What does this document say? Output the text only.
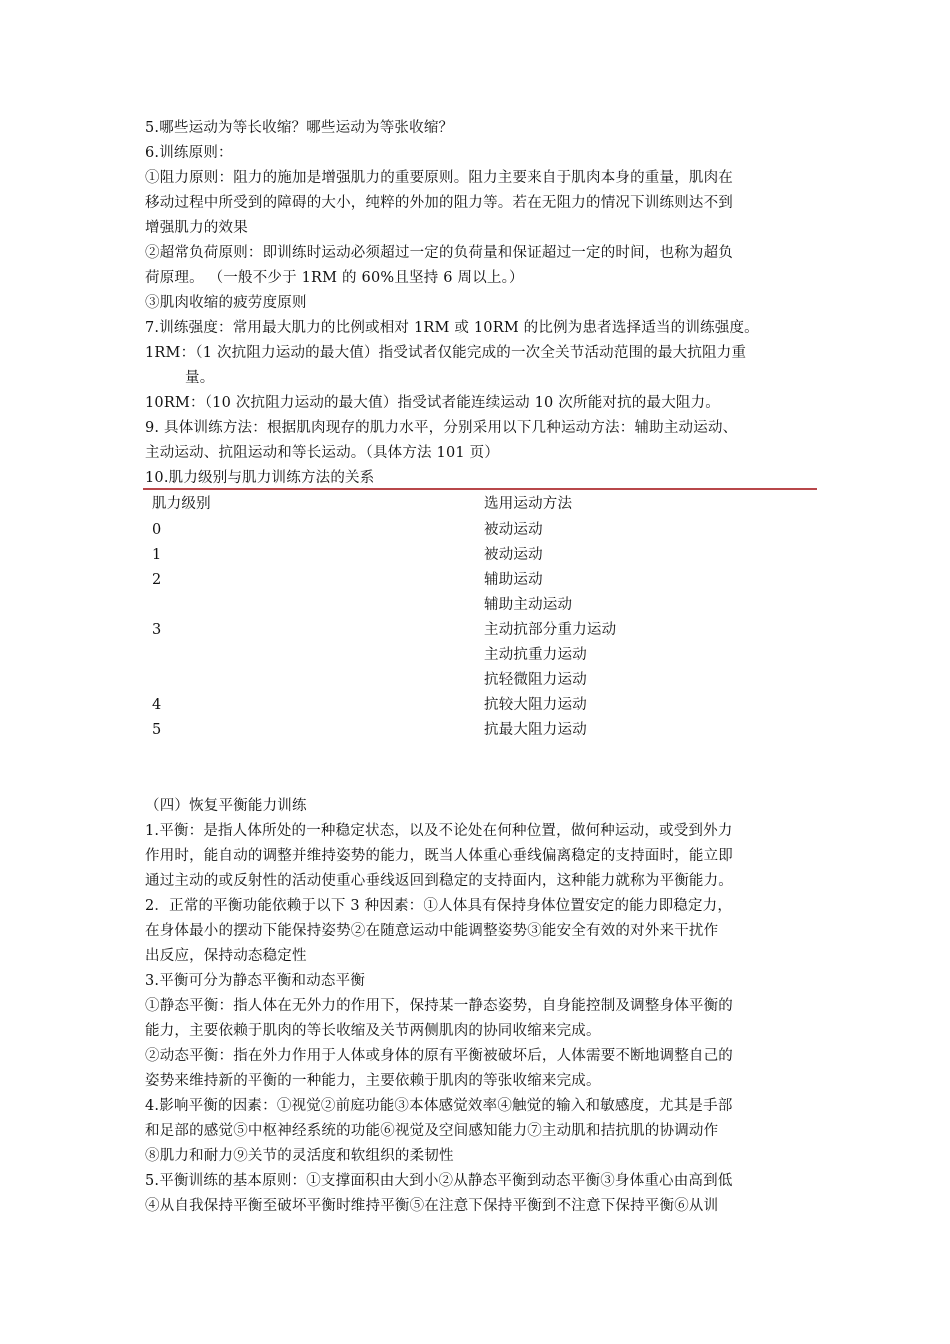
5.哪些运动为等长收缩？哪些运动为等张收缩？
6.训练原则：
①阻力原则：阻力的施加是增强肌力的重要原则。阻力主要来自于肌肉本身的重量，肌肉在
移动过程中所受到的障碍的大小，纯粹的外加的阻力等。若在无阻力的情况下训练则达不到
增强肌力的效果
②超常负荷原则：即训练时运动必须超过一定的负荷量和保证超过一定的时间，也称为超负
荷原理。 （一般不少于 1RM 的 60%且坚持 6 周以上。）
③肌肉收缩的疲劳度原则
7.训练强度：常用最大肌力的比例或相对 1RM 或 10RM 的比例为患者选择适当的训练强度。
1RM：（1 次抗阻力运动的最大值）指受试者仅能完成的一次全关节活动范围的最大抗阻力重
量。
10RM：（10 次抗阻力运动的最大值）指受试者能连续运动 10 次所能对抗的最大阻力。
9. 具体训练方法：根据肌肉现存的肌力水平，分别采用以下几种运动方法：辅助主动运动、
主动运动、抗阻运动和等长运动。（具体方法 101 页）
10.肌力级别与肌力训练方法的关系
肌力级别	选用运动方法
0	被动运动
1	被动运动
2	辅助运动
辅助主动运动
3	主动抗部分重力运动
主动抗重力运动
抗轻微阻力运动
4	抗较大阻力运动
5	抗最大阻力运动
（四）恢复平衡能力训练
1.平衡：是指人体所处的一种稳定状态，以及不论处在何种位置，做何种运动，或受到外力
作用时，能自动的调整并维持姿势的能力，既当人体重心垂线偏离稳定的支持面时，能立即
通过主动的或反射性的活动使重心垂线返回到稳定的支持面内，这种能力就称为平衡能力。
2．正常的平衡功能依赖于以下 3 种因素：①人体具有保持身体位置安定的能力即稳定力，
在身体最小的摆动下能保持姿势②在随意运动中能调整姿势③能安全有效的对外来干扰作
出反应，保持动态稳定性
3.平衡可分为静态平衡和动态平衡
①静态平衡：指人体在无外力的作用下，保持某一静态姿势，自身能控制及调整身体平衡的
能力，主要依赖于肌肉的等长收缩及关节两侧肌肉的协同收缩来完成。
②动态平衡：指在外力作用于人体或身体的原有平衡被破坏后，人体需要不断地调整自己的
姿势来维持新的平衡的一种能力，主要依赖于肌肉的等张收缩来完成。
4.影响平衡的因素：①视觉②前庭功能③本体感觉效率④触觉的输入和敏感度，尤其是手部
和足部的感觉⑤中枢神经系统的功能⑥视觉及空间感知能力⑦主动肌和拮抗肌的协调动作
⑧肌力和耐力⑨关节的灵活度和软组织的柔韧性
5.平衡训练的基本原则：①支撑面积由大到小②从静态平衡到动态平衡③身体重心由高到低
④从自我保持平衡至破坏平衡时维持平衡⑤在注意下保持平衡到不注意下保持平衡⑥从训
